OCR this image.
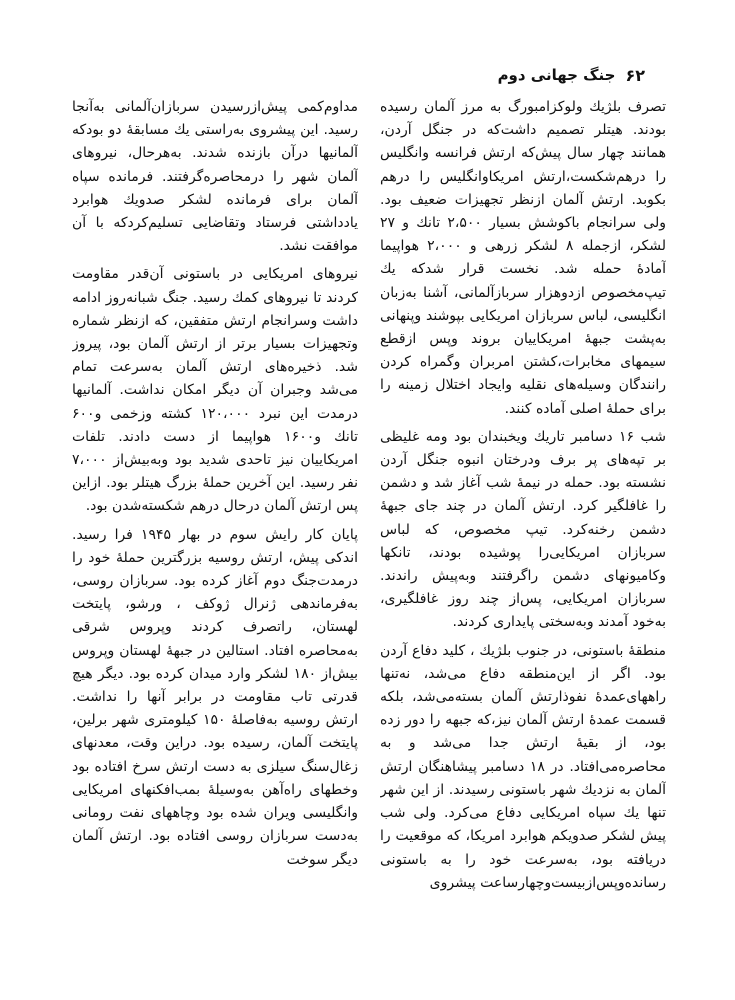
۶۲
جنگ جهانی دوم

تصرف بلژیك ولوكزامبورگ به مرز آلمان رسیده بودند. هیتلر تصمیم داشت‌كه در جنگل آردن، همانند چهار سال پیش‌كه ارتش فرانسه وانگلیس را درهم‌شكست،ارتش امریكاوانگلیس را درهم بكوبد. ارتش آلمان ازنظر تجهیزات ضعیف بود. ولی سرانجام باكوشش بسیار ۲،۵۰۰ تانك و ۲۷ لشكر، ازجمله ۸ لشكر زرهی و ۲،۰۰۰ هواپیما آمادهٔ حمله شد. نخست قرار شدكه یك تیپ‌مخصوص ازدوهزار سربازآلمانی، آشنا به‌زبان انگلیسی، لباس سربازان امریكایی بپوشند وپنهانی به‌پشت جبههٔ امریكاییان بروند وپس ازقطع سیمهای مخابرات،كشتن امربران وگمراه كردن رانندگان وسیله‌های نقلیه وایجاد اختلال زمینه را برای حملهٔ اصلی آماده كنند.

شب ۱۶ دسامبر تاریك ویخبندان بود ومه غلیظی بر تپه‌های پر برف ودرختان انبوه جنگل آردن نشسته بود. حمله در نیمهٔ شب آغاز شد و دشمن را غافلگیر كرد. ارتش آلمان در چند جای جبههٔ دشمن رخنه‌كرد. تیپ مخصوص، كه لباس سربازان امریكایی‌را پوشیده بودند، تانكها وكامیونهای دشمن راگرفتند وبه‌پیش راندند. سربازان امریكایی، پس‌از چند روز غافلگیری، به‌خود آمدند وبه‌سختی پایداری كردند.

منطقهٔ باستونی، در جنوب بلژیك ، كلید دفاع آردن بود. اگر از این‌منطقه دفاع می‌شد، نه‌تنها راههای‌عمدهٔ نفوذارتش آلمان بسته‌می‌شد، بلكه قسمت عمدهٔ ارتش آلمان نیز،كه جبهه را دور زده بود، از بقیهٔ ارتش جدا می‌شد و به محاصره‌می‌افتاد. در ۱۸ دسامبر پیشاهنگان ارتش آلمان به نزدیك شهر باستونی رسیدند. از این شهر تنها یك سپاه امریكایی دفاع می‌كرد. ولی شب پیش لشكر صدویكم هوابرد امریكا، كه موقعیت را دریافته بود، به‌سرعت خود را به باستونی رسانده‌وپس‌ازبیست‌وچهارساعت پیشروی

مداوم‌كمی پیش‌ازرسیدن سربازان‌آلمانی به‌آنجا رسید. این پیشروی به‌راستی یك مسابقهٔ دو بودكه آلمانیها درآن بازنده شدند. به‌هرحال، نیروهای آلمان شهر را درمحاصره‌گرفتند. فرمانده سپاه آلمان برای فرمانده لشكر صدویك هوابرد یادداشتی فرستاد وتقاضایی تسلیم‌كردكه با آن موافقت نشد.

نیروهای امریكایی در باستونی آن‌قدر مقاومت كردند تا نیروهای كمك رسید. جنگ شبانه‌روز ادامه داشت وسرانجام ارتش متفقین، كه ازنظر شماره وتجهیزات بسیار برتر از ارتش آلمان بود، پیروز شد. ذخیره‌های ارتش آلمان به‌سرعت تمام می‌شد وجبران آن دیگر امكان نداشت. آلمانیها درمدت این نبرد ۱۲۰،۰۰۰ كشته وزخمی و۶۰۰ تانك و۱۶۰۰ هواپیما از دست دادند. تلفات امریكاییان نیز تاحدی شدید بود وبه‌بیش‌از ۷،۰۰۰ نفر رسید. این آخرین حملهٔ بزرگ هیتلر بود. ازاین پس ارتش آلمان درحال درهم شكسته‌شدن بود.

پایان كار رایش سوم در بهار ۱۹۴۵ فرا رسید. اندكی پیش، ارتش روسیه بزرگترین حملهٔ خود را درمدت‌جنگ دوم آغاز كرده بود. سربازان روسی، به‌فرماندهی ژنرال ژوكف ، ورشو، پایتخت لهستان، راتصرف كردند وپروس شرقی به‌محاصره افتاد. استالین در جبههٔ لهستان وپروس بیش‌از ۱۸۰ لشكر وارد میدان كرده بود. دیگر هیچ قدرتی تاب مقاومت در برابر آنها را نداشت. ارتش روسیه به‌فاصلهٔ ۱۵۰ كیلومتری شهر برلین، پایتخت آلمان، رسیده بود. دراین وقت، معدنهای زغال‌سنگ سیلزی به دست ارتش سرخ افتاده بود وخطهای راه‌آهن به‌وسیلهٔ بمب‌افكنهای امریكایی وانگلیسی ویران شده بود وچاههای نفت رومانی به‌دست سربازان روسی افتاده بود. ارتش آلمان دیگر سوخت
